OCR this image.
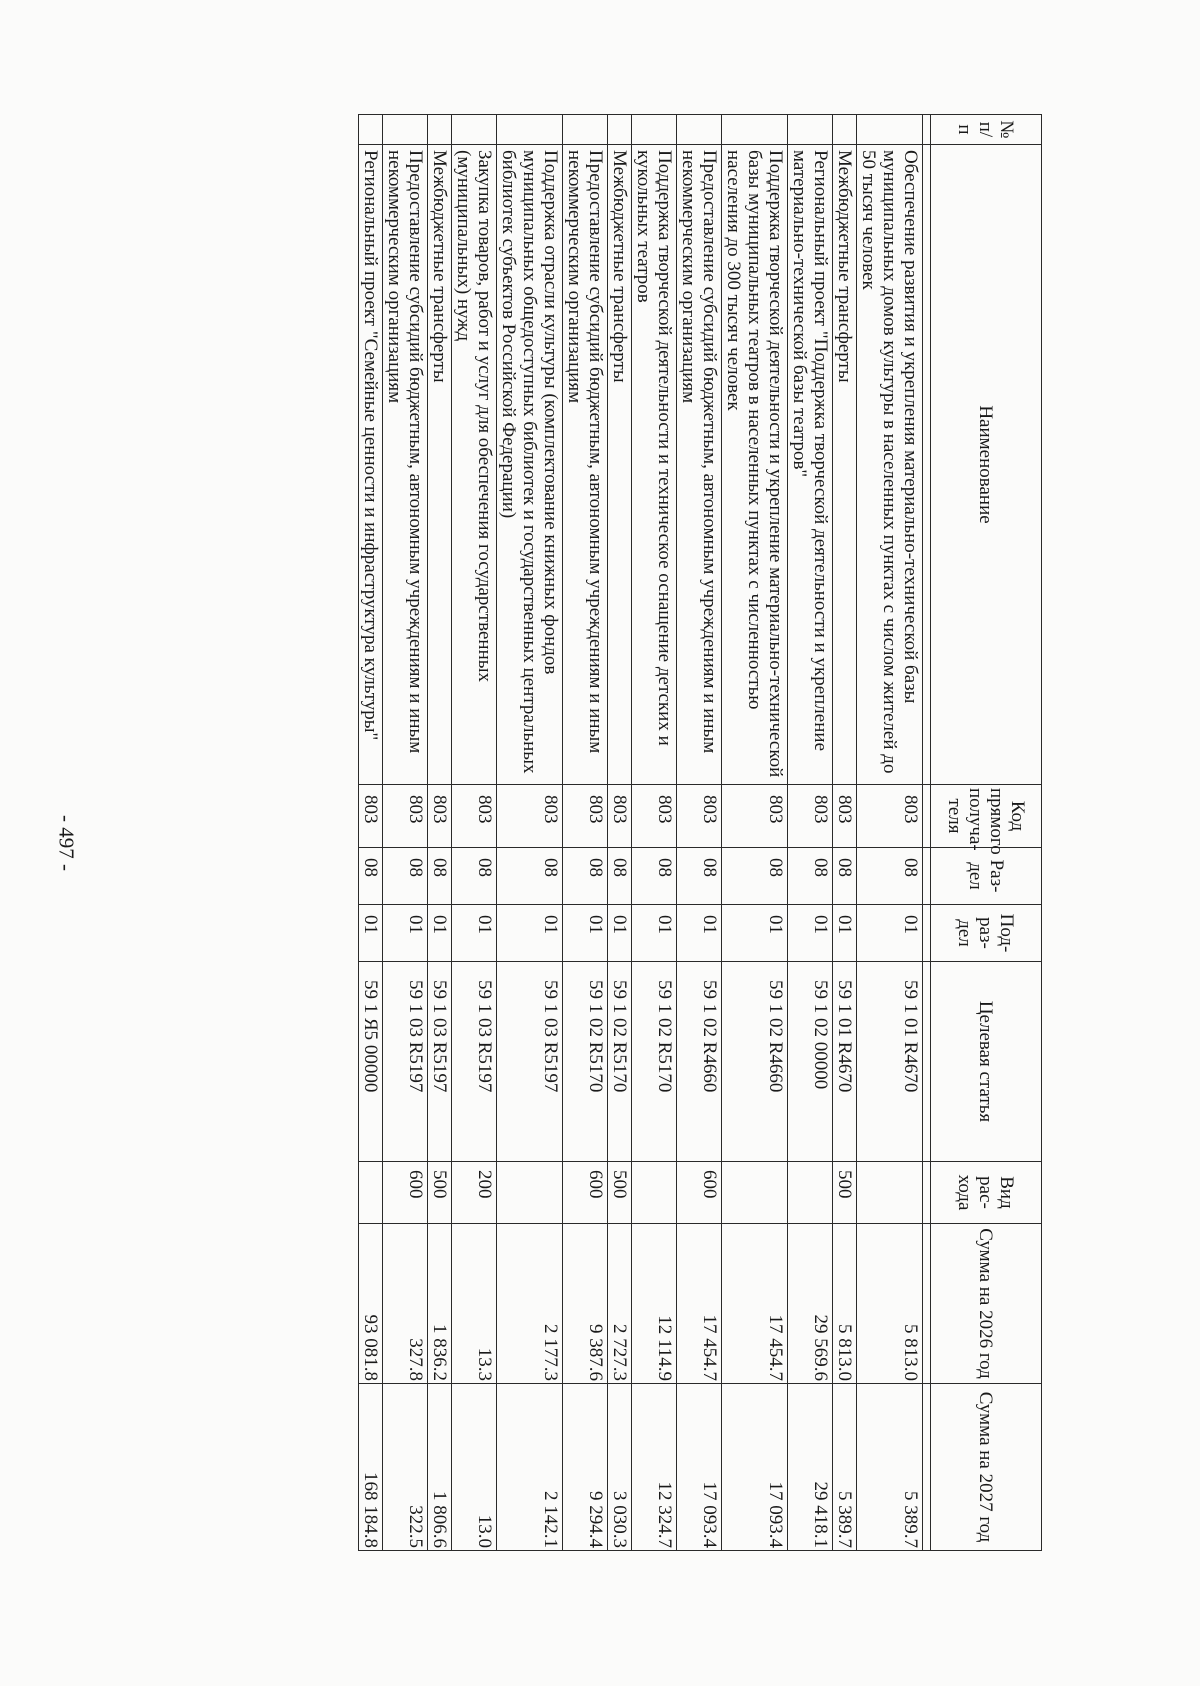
- 497 -
№ п/п	Наименование	Код прямого получа- теля	Раз- дел	Под- раз- дел	Целевая статья	Вид рас- хода	Сумма на 2026 год	Сумма на 2027 год

	Обеспечение развития и укрепления материально-технической базы муниципальных домов культуры в населенных пунктах с числом жителей до 50 тысяч человек	803	08	01	59 1 01 R4670		5 813.0	5 389.7
	Межбюджетные трансферты	803	08	01	59 1 01 R4670	500	5 813.0	5 389.7
	Региональный проект "Поддержка творческой деятельности и укрепление материально-технической базы театров"	803	08	01	59 1 02 00000		29 569.6	29 418.1
	Поддержка творческой деятельности и укрепление материально-технической базы муниципальных театров в населенных пунктах с численностью населения до 300 тысяч человек	803	08	01	59 1 02 R4660		17 454.7	17 093.4
	Предоставление субсидий бюджетным, автономным учреждениям и иным некоммерческим организациям	803	08	01	59 1 02 R4660	600	17 454.7	17 093.4
	Поддержка творческой деятельности и техническое оснащение детских и кукольных театров	803	08	01	59 1 02 R5170		12 114.9	12 324.7
	Межбюджетные трансферты	803	08	01	59 1 02 R5170	500	2 727.3	3 030.3
	Предоставление субсидий бюджетным, автономным учреждениям и иным некоммерческим организациям	803	08	01	59 1 02 R5170	600	9 387.6	9 294.4
	Поддержка отрасли культуры (комплектование книжных фондов муниципальных общедоступных библиотек и государственных центральных библиотек субъектов Российской Федерации)	803	08	01	59 1 03 R5197		2 177.3	2 142.1
	Закупка товаров, работ и услуг для обеспечения государственных (муниципальных) нужд	803	08	01	59 1 03 R5197	200	13.3	13.0
	Межбюджетные трансферты	803	08	01	59 1 03 R5197	500	1 836.2	1 806.6
	Предоставление субсидий бюджетным, автономным учреждениям и иным некоммерческим организациям	803	08	01	59 1 03 R5197	600	327.8	322.5
	Региональный проект "Семейные ценности и инфраструктура культуры"	803	08	01	59 1 Я5 00000		93 081.8	168 184.8
